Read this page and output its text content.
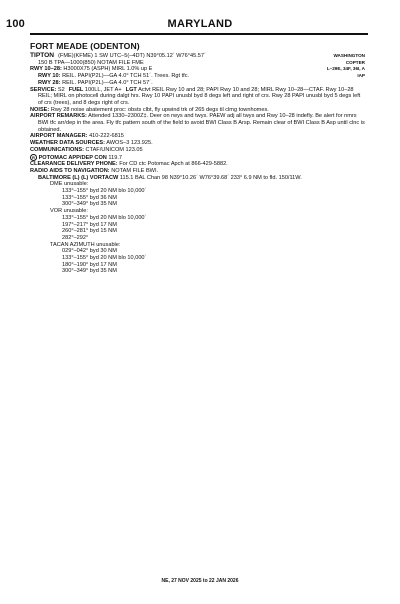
100	MARYLAND
FORT MEADE (ODENTON)
WASHINGTON
COPTER
L–29E, 34F, 36I, A
IAP
TIPTON (FME)(KFME) 1 SW UTC–5(–4DT) N39°05.12´ W76°45.57´
150 B TPA—1000(850) NOTAM FILE FME
RWY 10–28: H3000X75 (ASPH) MIRL 1.0% up E
RWY 10: REIL. PAPI(P2L)—GA 4.0° TCH 51´. Trees. Rgt tfc.
RWY 28: REIL. PAPI(P2L)—GA 4.0° TCH 57´.
SERVICE: S2 FUEL 100LL, JET A+ LGT Actvt REIL Rwy 10 and 28; PAPI Rwy 10 and 28; MIRL Rwy 10–28—CTAF. Rwy 10–28 REIL; MIRL on photocell during dalgt hrs. Rwy 10 PAPI unusbl byd 8 degs left and right of crs. Rwy 28 PAPI unusbl byd 5 degs left of crs (trees), and 8 degs right of crs.
NOISE: Rwy 28 noise abatement proc: obsts clbt, fly upwind trk of 265 degs til clmg townhomes.
AIRPORT REMARKS: Attended 1330–2300Z‡. Deer on rwys and twys. PAEW adj all twys and Rwy 10–28 indefly. Be alert for nmrs BWI tfc arr/dep in the area. Fly tfc pattern south of the field to avoid BWI Class B Arsp. Remain clear of BWI Class B Asp until clnc is obtained.
AIRPORT MANAGER: 410-222-6815
WEATHER DATA SOURCES: AWOS–3 123.925.
COMMUNICATIONS: CTAF/UNICOM 123.05
R POTOMAC APP/DEP CON 119.7
CLEARANCE DELIVERY PHONE: For CD ctc Potomac Apch at 866-429-5882.
RADIO AIDS TO NAVIGATION: NOTAM FILE BWI.
BALTIMORE (L) (L) VORTACW 115.1 BAL Chan 98 N39°10.26´ W76°39.68´ 233° 6.9 NM to fld. 150/11W.
DME unusable:
133°–155° byd 20 NM blo 10,000´
133°–155° byd 36 NM
300°–349° byd 35 NM
VOR unusable:
133°–155° byd 20 NM blo 10,000´
197°–217° byd 17 NM
260°–281° byd 15 NM
282°–292°
TACAN AZIMUTH unusable:
029°–042° byd 30 NM
133°–155° byd 20 NM blo 10,000´
180°–190° byd 17 NM
300°–349° byd 35 NM
NE, 27 NOV 2025 to 22 JAN 2026
